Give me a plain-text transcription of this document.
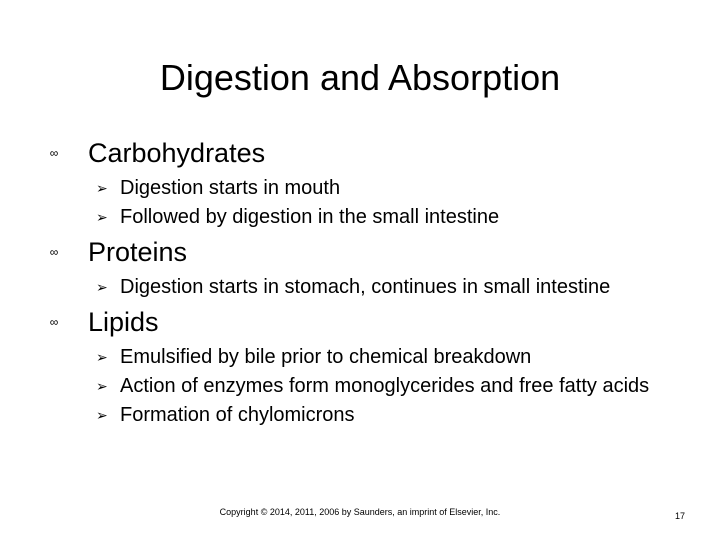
Digestion and Absorption
∞ Carbohydrates
➢ Digestion starts in mouth
➢ Followed by digestion in the small intestine
∞ Proteins
➢ Digestion starts in stomach, continues in small intestine
∞ Lipids
➢ Emulsified by bile prior to chemical breakdown
➢ Action of enzymes form monoglycerides and free fatty acids
➢ Formation of chylomicrons
Copyright © 2014, 2011, 2006 by Saunders, an imprint of Elsevier, Inc.	17
